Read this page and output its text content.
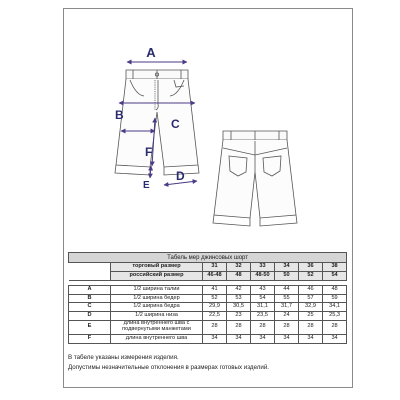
A
B
C
D
E
F
Табель мер джинсовых шорт							
	торговый размер	31	32	33	34	36	38
	российский размер	46-48	48	48-50	50	52	54

A	1/2 ширина талии	41	42	43	44	46	48
B	1/2 ширина бедер	52	53	54	55	57	59
C	1/2 ширина бедра	29,9	30,5	31,1	31,7	32,9	34,1
D	1/2 ширина низа	22,5	23	23,5	24	25	25,3
E	длина внутреннего шва с подвернутыми манжетами	28	28	28	28	28	28
F	длина внутреннего шва	34	34	34	34	34	34
В табеле указаны измерения изделия.
Допустимы незначительные отклонения в размерах готовых изделий.
